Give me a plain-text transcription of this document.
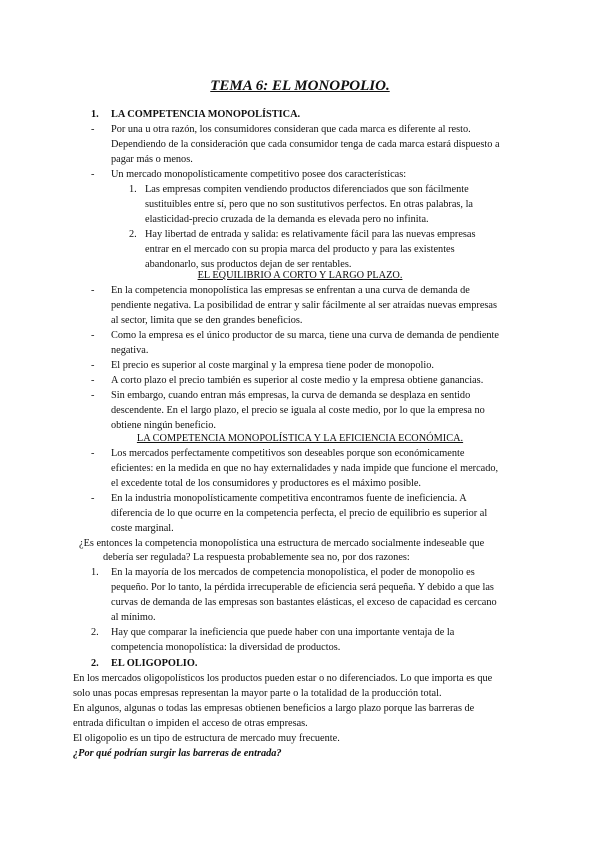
TEMA 6: EL MONOPOLIO.
1. LA COMPETENCIA MONOPOLÍSTICA.
- Por una u otra razón, los consumidores consideran que cada marca es diferente al resto.
Dependiendo de la consideración que cada consumidor tenga de cada marca estará dispuesto a
pagar más o menos.
- Un mercado monopolísticamente competitivo posee dos características:
1. Las empresas compiten vendiendo productos diferenciados que son fácilmente
sustituibles entre sí, pero que no son sustitutivos perfectos. En otras palabras, la
elasticidad-precio cruzada de la demanda es elevada pero no infinita.
2. Hay libertad de entrada y salida: es relativamente fácil para las nuevas empresas
entrar en el mercado con su propia marca del producto y para las existentes
abandonarlo, sus productos dejan de ser rentables.
EL EQUILIBRIO A CORTO Y LARGO PLAZO.
- En la competencia monopolística las empresas se enfrentan a una curva de demanda de
pendiente negativa. La posibilidad de entrar y salir fácilmente al ser atraídas nuevas empresas
al sector, limita que se den grandes beneficios.
- Como la empresa es el único productor de su marca, tiene una curva de demanda de pendiente
negativa.
- El precio es superior al coste marginal y la empresa tiene poder de monopolio.
- A corto plazo el precio también es superior al coste medio y la empresa obtiene ganancias.
- Sin embargo, cuando entran más empresas, la curva de demanda se desplaza en sentido
descendente. En el largo plazo, el precio se iguala al coste medio, por lo que la empresa no
obtiene ningún beneficio.
LA COMPETENCIA MONOPOLÍSTICA Y LA EFICIENCIA ECONÓMICA.
- Los mercados perfectamente competitivos son deseables porque son económicamente
eficientes: en la medida en que no hay externalidades y nada impide que funcione el mercado,
el excedente total de los consumidores y productores es el máximo posible.
- En la industria monopolísticamente competitiva encontramos fuente de ineficiencia. A
diferencia de lo que ocurre en la competencia perfecta, el precio de equilibrio es superior al
coste marginal.
¿Es entonces la competencia monopolística una estructura de mercado socialmente indeseable que
debería ser regulada? La respuesta probablemente sea no, por dos razones:
1. En la mayoría de los mercados de competencia monopolística, el poder de monopolio es
pequeño. Por lo tanto, la pérdida irrecuperable de eficiencia será pequeña. Y debido a que las
curvas de demanda de las empresas son bastantes elásticas, el exceso de capacidad es cercano
al mínimo.
2. Hay que comparar la ineficiencia que puede haber con una importante ventaja de la
competencia monopolística: la diversidad de productos.
2. EL OLIGOPOLIO.
En los mercados oligopolísticos los productos pueden estar o no diferenciados. Lo que importa es que
solo unas pocas empresas representan la mayor parte o la totalidad de la producción total.
En algunos, algunas o todas las empresas obtienen beneficios a largo plazo porque las barreras de
entrada dificultan o impiden el acceso de otras empresas.
El oligopolio es un tipo de estructura de mercado muy frecuente.
¿Por qué podrían surgir las barreras de entrada?
